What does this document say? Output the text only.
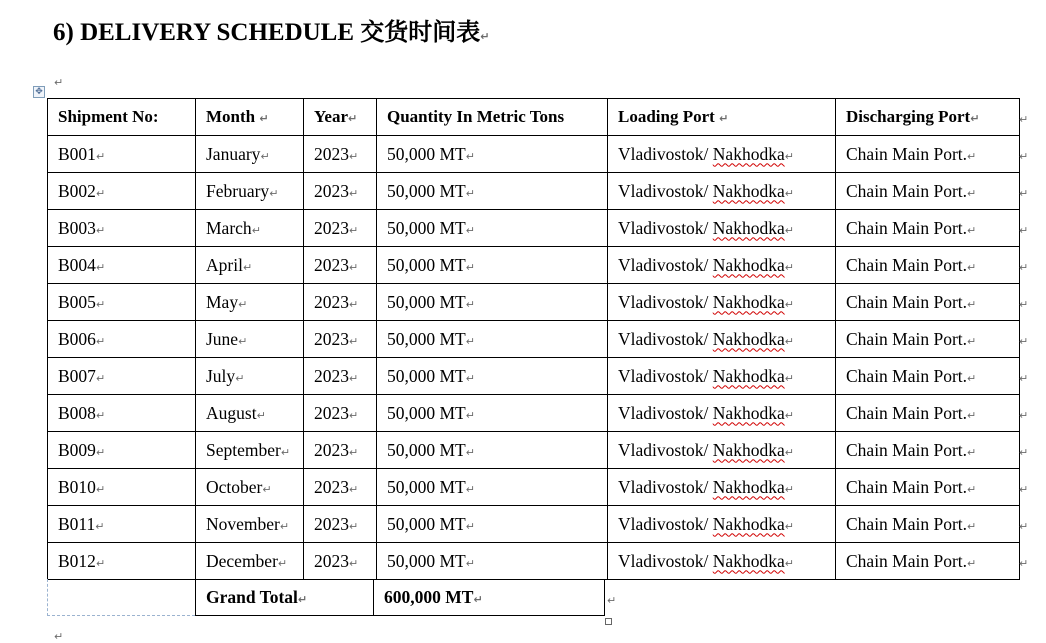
6) DELIVERY SCHEDULE 交货时间表↵
↵
✥
Shipment No:	Month ↵	Year↵	Quantity In Metric Tons	Loading Port ↵	Discharging Port↵
B001↵	January↵	2023↵	50,000 MT↵	Vladivostok/ Nakhodka↵	Chain Main Port.↵
B002↵	February↵	2023↵	50,000 MT↵	Vladivostok/ Nakhodka↵	Chain Main Port.↵
B003↵	March↵	2023↵	50,000 MT↵	Vladivostok/ Nakhodka↵	Chain Main Port.↵
B004↵	April↵	2023↵	50,000 MT↵	Vladivostok/ Nakhodka↵	Chain Main Port.↵
B005↵	May↵	2023↵	50,000 MT↵	Vladivostok/ Nakhodka↵	Chain Main Port.↵
B006↵	June↵	2023↵	50,000 MT↵	Vladivostok/ Nakhodka↵	Chain Main Port.↵
B007↵	July↵	2023↵	50,000 MT↵	Vladivostok/ Nakhodka↵	Chain Main Port.↵
B008↵	August↵	2023↵	50,000 MT↵	Vladivostok/ Nakhodka↵	Chain Main Port.↵
B009↵	September↵	2023↵	50,000 MT↵	Vladivostok/ Nakhodka↵	Chain Main Port.↵
B010↵	October↵	2023↵	50,000 MT↵	Vladivostok/ Nakhodka↵	Chain Main Port.↵
B011↵	November↵	2023↵	50,000 MT↵	Vladivostok/ Nakhodka↵	Chain Main Port.↵
B012↵	December↵	2023↵	50,000 MT↵	Vladivostok/ Nakhodka↵	Chain Main Port.↵
↵
↵
↵
↵
↵
↵
↵
↵
↵
↵
↵
↵
↵
	Grand Total↵	600,000 MT↵	↵
↵
